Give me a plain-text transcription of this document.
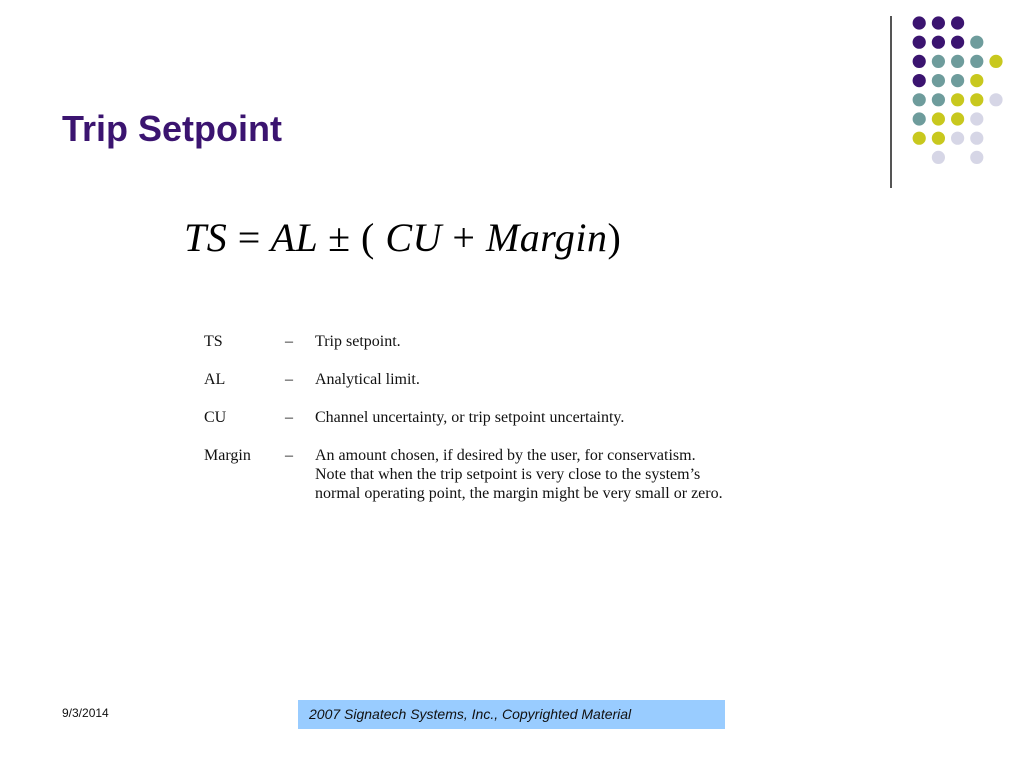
Trip Setpoint
TS = AL ± ( CU + Margin)
TS	– Trip setpoint.
AL	– Analytical limit.
CU	– Channel uncertainty, or trip setpoint uncertainty.
Margin – An amount chosen, if desired by the user, for conservatism.
Note that when the trip setpoint is very close to the system’s
normal operating point, the margin might be very small or zero.
9/3/2014	2007 Signatech Systems, Inc., Copyrighted Material
